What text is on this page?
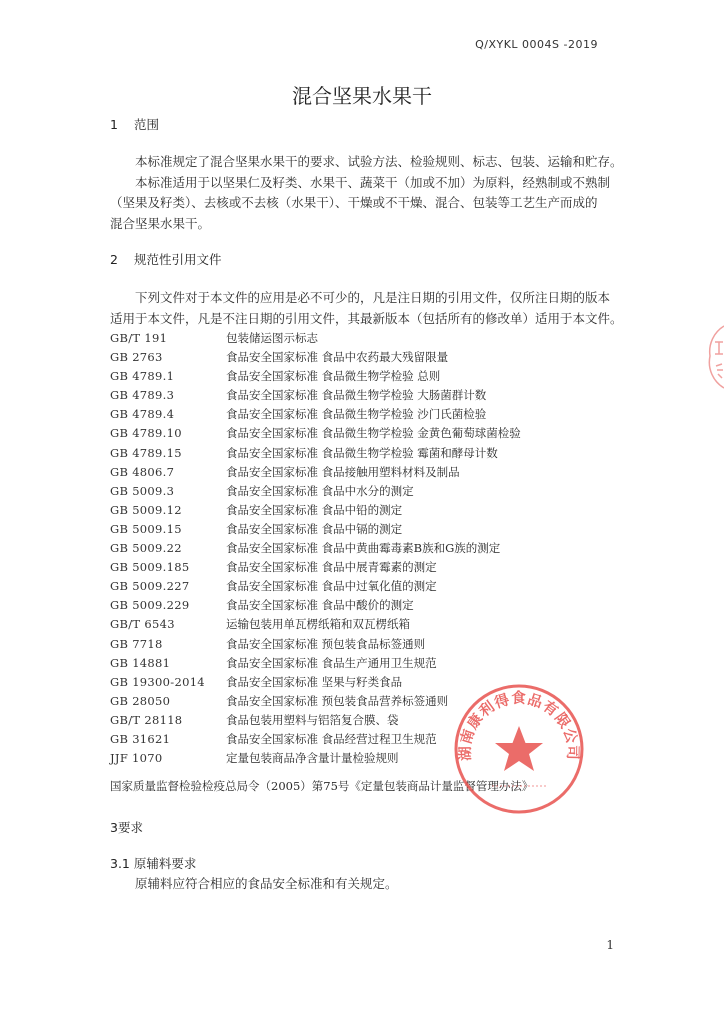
Q/XYKL 0004S -2019
混合坚果水果干
1 范围
本标准规定了混合坚果水果干的要求、试验方法、检验规则、标志、包装、运输和贮存。
本标准适用于以坚果仁及籽类、水果干、蔬菜干（加或不加）为原料，经熟制或不熟制
（坚果及籽类）、去核或不去核（水果干）、干燥或不干燥、混合、包装等工艺生产而成的
混合坚果水果干。
2 规范性引用文件
下列文件对于本文件的应用是必不可少的，凡是注日期的引用文件，仅所注日期的版本
适用于本文件，凡是不注日期的引用文件，其最新版本（包括所有的修改单）适用于本文件。
GB/T 191	包装储运图示标志
GB 2763	食品安全国家标准 食品中农药最大残留限量
GB 4789.1	食品安全国家标准 食品微生物学检验 总则
GB 4789.3	食品安全国家标准 食品微生物学检验 大肠菌群计数
GB 4789.4	食品安全国家标准 食品微生物学检验 沙门氏菌检验
GB 4789.10	食品安全国家标准 食品微生物学检验 金黄色葡萄球菌检验
GB 4789.15	食品安全国家标准 食品微生物学检验 霉菌和酵母计数
GB 4806.7	食品安全国家标准 食品接触用塑料材料及制品
GB 5009.3	食品安全国家标准 食品中水分的测定
GB 5009.12	食品安全国家标准 食品中铅的测定
GB 5009.15	食品安全国家标准 食品中镉的测定
GB 5009.22	食品安全国家标准 食品中黄曲霉毒素B族和G族的测定
GB 5009.185	食品安全国家标准 食品中展青霉素的测定
GB 5009.227	食品安全国家标准 食品中过氧化值的测定
GB 5009.229	食品安全国家标准 食品中酸价的测定
GB/T 6543	运输包装用单瓦楞纸箱和双瓦楞纸箱
GB 7718	食品安全国家标准 预包装食品标签通则
GB 14881	食品安全国家标准 食品生产通用卫生规范
GB 19300-2014 食品安全国家标准 坚果与籽类食品
GB 28050	食品安全国家标准 预包装食品营养标签通则
GB/T 28118	食品包装用塑料与铝箔复合膜、袋
GB 31621	食品安全国家标准 食品经营过程卫生规范
JJF 1070	定量包装商品净含量计量检验规则
国家质量监督检验检疫总局令（2005）第75号《定量包装商品计量监督管理办法》
3要求
3.1 原辅料要求
原辅料应符合相应的食品安全标准和有关规定。
1
湖南康利得食品有限公司
